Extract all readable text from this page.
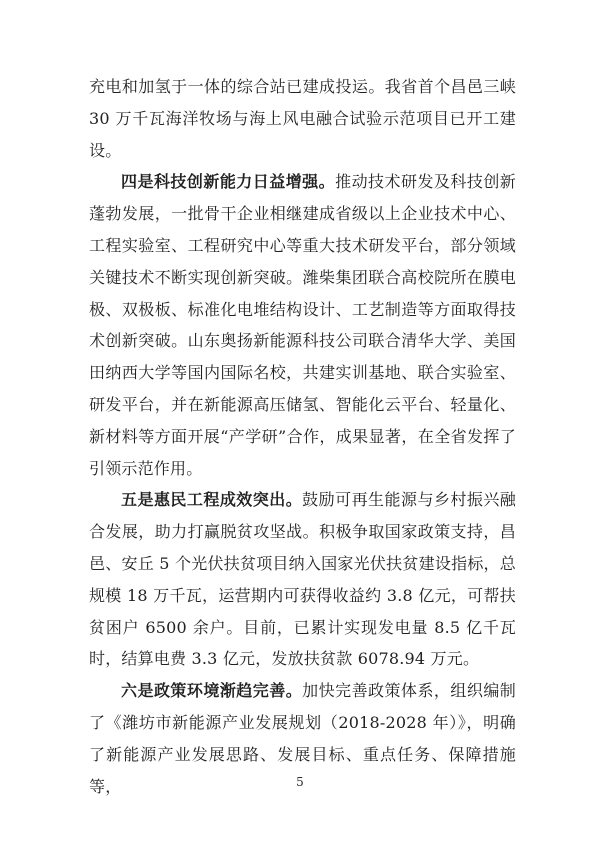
充电和加氢于一体的综合站已建成投运。我省首个昌邑三峡 30 万千瓦海洋牧场与海上风电融合试验示范项目已开工建设。

四是科技创新能力日益增强。推动技术研发及科技创新蓬勃发展，一批骨干企业相继建成省级以上企业技术中心、工程实验室、工程研究中心等重大技术研发平台，部分领域关键技术不断实现创新突破。潍柴集团联合高校院所在膜电极、双极板、标准化电堆结构设计、工艺制造等方面取得技术创新突破。山东奥扬新能源科技公司联合清华大学、美国田纳西大学等国内国际名校，共建实训基地、联合实验室、研发平台，并在新能源高压储氢、智能化云平台、轻量化、新材料等方面开展“产学研”合作，成果显著，在全省发挥了引领示范作用。

五是惠民工程成效突出。鼓励可再生能源与乡村振兴融合发展，助力打赢脱贫攻坚战。积极争取国家政策支持，昌邑、安丘 5 个光伏扶贫项目纳入国家光伏扶贫建设指标，总规模 18 万千瓦，运营期内可获得收益约 3.8 亿元，可帮扶贫困户 6500 余户。目前，已累计实现发电量 8.5 亿千瓦时，结算电费 3.3 亿元，发放扶贫款 6078.94 万元。

六是政策环境渐趋完善。加快完善政策体系，组织编制了《潍坊市新能源产业发展规划（2018-2028 年）》，明确了新能源产业发展思路、发展目标、重点任务、保障措施等，	5
